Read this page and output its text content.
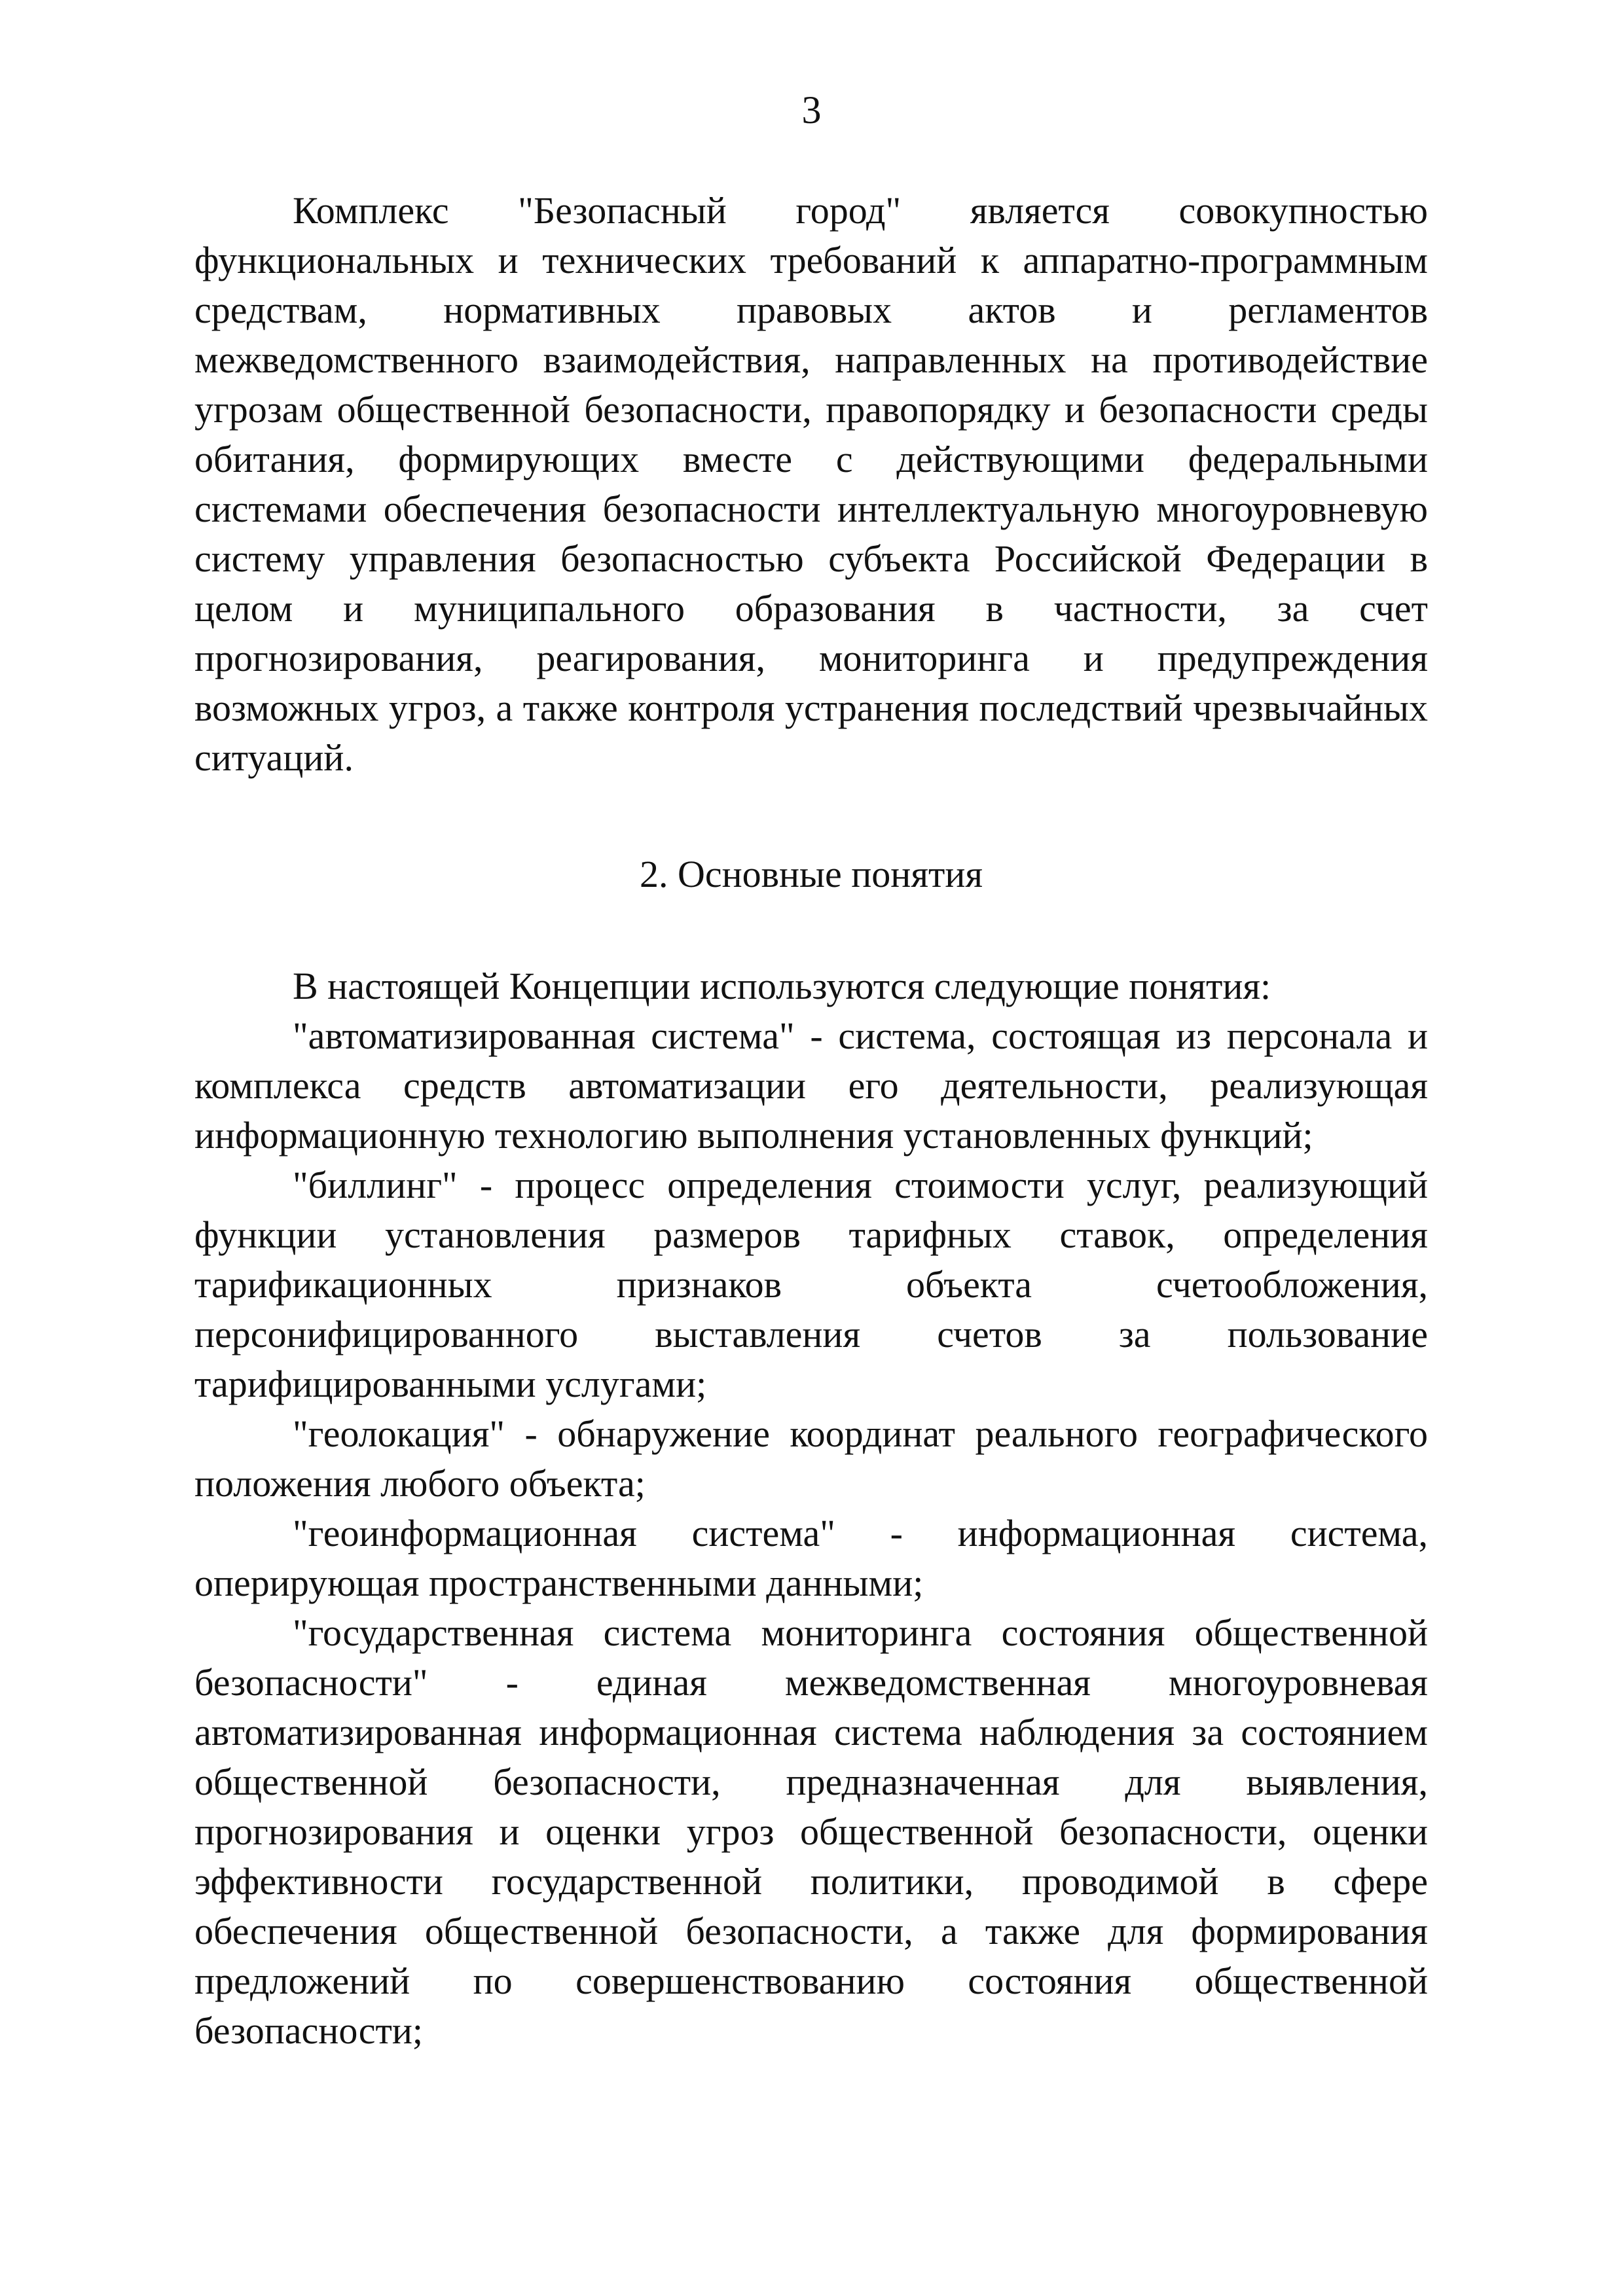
3

Комплекс "Безопасный город" является совокупностью функциональных и технических требований к аппаратно-программным средствам, нормативных правовых актов и регламентов межведомственного взаимодействия, направленных на противодействие угрозам общественной безопасности, правопорядку и безопасности среды обитания, формирующих вместе с действующими федеральными системами обеспечения безопасности интеллектуальную многоуровневую систему управления безопасностью субъекта Российской Федерации в целом и муниципального образования в частности, за счет прогнозирования, реагирования, мониторинга и предупреждения возможных угроз, а также контроля устранения последствий чрезвычайных ситуаций.

2. Основные понятия

В настоящей Концепции используются следующие понятия:

"автоматизированная система" - система, состоящая из персонала и комплекса средств автоматизации его деятельности, реализующая информационную технологию выполнения установленных функций;

"биллинг" - процесс определения стоимости услуг, реализующий функции установления размеров тарифных ставок, определения тарификационных признаков объекта счетообложения, персонифицированного выставления счетов за пользование тарифицированными услугами;

"геолокация" - обнаружение координат реального географического положения любого объекта;

"геоинформационная система" - информационная система, оперирующая пространственными данными;

"государственная система мониторинга состояния общественной безопасности" - единая межведомственная многоуровневая автоматизированная информационная система наблюдения за состоянием общественной безопасности, предназначенная для выявления, прогнозирования и оценки угроз общественной безопасности, оценки эффективности государственной политики, проводимой в сфере обеспечения общественной безопасности, а также для формирования предложений по совершенствованию состояния общественной безопасности;
